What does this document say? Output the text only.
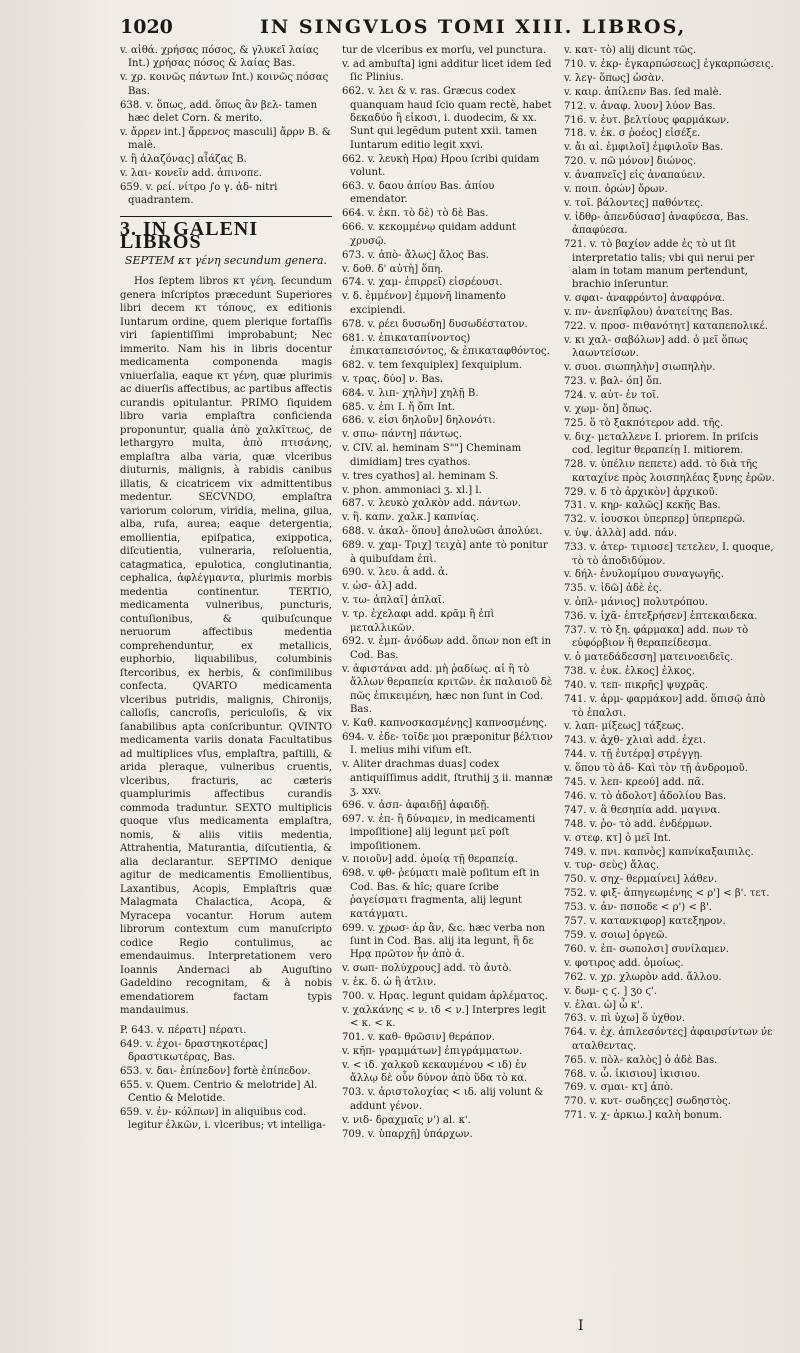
1020	IN SINGVLOS TOMI XIII. LIBROS,
v. αἰθά. χρήσας πόσος, & γλυκεῖ λαίας Int.) χρήσας πόσος & λαίας Bas.
v. χρ. κοινῶς πάντων Int.) κοινῶς πόσας Bas.
638. v. ὅπως, add. ὅπως ἂν βελ- tamen hæc delet Corn. & merito.
v. ἄρρεν int.] ἄρρενος masculi] ἄρρν B. & malè.
v. ἢ ἀλαζόνας] αἶάζας B.
v. λαι- κονεῖν add. ἀπινοπε.
659. v. ρεί. νίτρο ∫ο γ. ἀδ- nitri quadrantem.
3. IN GALENI LIBROS
SEPTEM κτ γένη secundum genera.

Hos ſeptem libros κτ γένη. ſecundum genera inſcriptos præcedunt Superiores libri decem κτ τόπους, ex editionis Iuntarum ordine, quem plerique fortaſſis viri ſapientiſſimi improbabunt; Nec immerito. Nam his in libris docentur medicamenta componenda magis vniuerſalia, eaque κτ γένη, quæ plurimis ac diuerſis affectibus, ac partibus affectis curandis opitulantur. PRIMO ſiquidem libro varia emplaſtra conficienda proponuntur, qualia ἀπὸ χαλκῖτεως, de lethargyro multa, ἀπὸ πτισάνης, emplaſtra alba varia, quæ vlceribus diuturnis, malignis, à rabidis canibus illatis, & cicatricem vix admittentibus medentur. SECVNDO, emplaſtra variorum colorum, viridia, melina, gilua, alba, rufa, aurea; eaque detergentia, emollientia, epiſpatica, exippotica, diſcutientia, vulneraria, reſoluentia, catagmatica, epulotica, conglutinantia, cephalica, ἀφλέγμαντα, plurimis morbis medentia continentur. TERTIO, medicamenta vulneribus, puncturis, contuſionibus, & quibuſcunque neruorum affectibus medentia comprehenduntur, ex metallicis, euphorbio, liquabilibus, columbinis ſtercoribus, ex herbis, & conſimilibus confecta. QVARTO medicamenta vlceribus putridis, malignis, Chironijs, calloſis, cancroſis, periculoſis, & vix ſanabilibus apta conſcribuntur. QVINTO medicamenta variis donata Facultatibus ad multiplices vſus, emplaſtra, paſtilli, & arida pleraque, vulneribus cruentis, vlceribus, fracturis, ac cæteris quamplurimis affectibus curandis commoda traduntur. SEXTO multiplicis quoque vſus medicamenta emplaſtra, nomis, & aliis vitiis medentia, Attrahentia, Maturantia, diſcutientia, & alia declarantur. SEPTIMO denique agitur de medicamentis Emollientibus, Laxantibus, Acopis, Emplaſtris quæ Malagmata Chalactica, Acopa, & Myracepa vocantur. Horum autem librorum contextum cum manuſcripto codice Regio contulimus, ac emendauimus. Interpretationem vero Ioannis Andernaci ab Auguſtino Gadeldino recognitam, & à nobis emendatiorem factam typis mandauimus.

P. 643. v. πέρατι] πέρατι.
649. v. ἐχοι- δραστηκοτέρας] δραστικωτέρας, Bas.
653. v. δαι- ἐπίπεδον] fortè ἐπίπεδον.
655. v. Quem. Centrio & melotride] Al. Centio & Melotide.
659. v. ἐν- κόλπων] in aliquibus cod. legitur ἐλκῶν, i. vlceribus; vt intelliga-
tur de vlceribus ex morſu, vel punctura.
v. ad ambuſta] igni additur licet idem ſed ſic Plinius.
662. v. λει & v. ras. Græcus codex quanquam haud ſcio quam rectè, habet δεκαδύο ἢ εἰκοσι, i. duodecim, & xx. Sunt qui legẽdum putent xxii. tamen Iuntarum editio legit xxvi.
662. v. λευκὴ Ηρα) Ηρου ſcribi quidam volunt.
663. v. δαου ἀπίου Bas. ἀπίου emendator.
664. v. ἐκπ. τὸ δὲ) τὸ δὲ Bas.
666. v. κεκομμένῳ quidam addunt χρυσῷ.
673. v. ἀπὸ- ἄλως] ἄλος Bas.
v. δοθ. δ' αὐτὴ] ὅπη.
674. v. χαμ- ἐπιρρεῖ) εἰσρέουσι.
v. δ. ἐμμένον] ἐμμονῆ linamento excipiendi.
678. v. ρέει δυσωδη] δυσωδέστατον.
681. v. ἐπικαταπίνοντος) ἐπικαταπεισόντος, & ἐπικαταφθόντος.
682. v. tem ſexquiplex] ſexquiplum.
v. τρας. δύο] ν. Bas.
684. v. λιπ- χηλὴν] χηλῇ B.
685. v. ἐπι I. ἤ ὄπι Int.
686. v. εἰσι δηλοῦν] δηλονότι.
v. σπω- πάντη] πάντως.
v. CIV. al. heminam S""] Cheminam dimidiam] tres cyathos.
v. tres cyathos] al. heminam S.
v. phon. ammoniaci ʒ. xl.] l.
687. v. λευκὸ χαλκὸν add. πάντων.
v. ἢ. καπν. χαλκ.] καπνίας.
688. v. ἀκαλ- ὅπου] ἀπολυῶσι ἀπολύει.
689. v. χαμ- Τριχ] τειχὰ] ante τὸ ponitur à quibuſdam ἐπὶ.
690. v. λευ. ἀ add. ἀ.
v. ὡσ- ἀλ] add.
v. τω- ἀπλαῖ] ἀπλαῖ.
v. τρ. ἐχελαφι add. κρᾶμ ἢ ἐπὶ μεταλλικῶν.
692. v. ἐμπ- ἀνόδων add. ὅπων non eſt in Cod. Bas.
v. ἀφιστάναι add. μὴ ῥαδίως. αἱ ἢ τὸ ἄλλων θεραπεία κριτῶν. ἐκ παλαιοῦ δὲ πῶς ἐπικειμένη, hæc non ſunt in Cod. Bas.
v. Καθ. καπνοσκασμένῃς] καπνοσμένης.
694. v. ἐδε- τοῖδε μοι præponitur βέλτιον I. melius mihi viſum eſt.
v. Aliter drachmas duas] codex antiquiſſimus addit, ſtruthij ʒ ii. mannæ ʒ. xxv.
696. v. ἀσπ- ἀφαιδῇ] ἀφαιδῇ.
697. v. ἐπ- ἢ δύναμεν, in medicamenti impoſitione] alij legunt μεῖ poſt impoſitionem.
v. ποιοῦν] add. ὁμοίᾳ τῇ θεραπείᾳ.
698. v. φθ- ῥεύματι malè poſitum eſt in Cod. Bas. & hîc; quare ſcribe ῥαγείσματι fragmenta, alij legunt κατάγματι.
699. v. χρωσ- ἀρ ἂν, &c. hæc verba non ſunt in Cod. Bas. alij ita legunt, ἢ δε Ηρᾳ πρῶτον ἦν ἀπὸ ἀ.
v. σωπ- πολύχρους] add. τὸ ἀυτὸ.
v. ἐκ. δ. ὡ ἢ ἀτλιν.
700. v. Ηρας. legunt quidam ἀρλέματος.
v. χαλκάνης < ν. ιδ < ν.] Interpres legit < κ. < κ.
701. v. καθ- θρῶσιν] θεράπον.
v. κῆπ- γραμμάτων] ἐπιγράμματων.
v. < ιδ. χαλκοῦ κεκαυμένου < ιδ) ἐν ἄλλῳ δὲ οὖν δύνον ἀπὸ ὕδα τὸ κα.
703. v. ἀριστολοχίας < ιδ. alij volunt & addunt γένον.
v. νιδ- δραχμαῖς ν') al. κ'.
709. v. ὑπαρχῇ] ὑπάρχων.
v. κατ- τὸ) alij dicunt τῶς.
710. v. ἐκρ- ἐγκαρπώσεως] ἐγκαρπώσεις.
v. λεγ- ὅπως] ὡσὰν.
v. καιρ. ἀπίλεπν Bas. ſed malè.
712. v. ἀναφ. λυον] λύον Bas.
716. v. ἐυτ. βελτίους φαρμάκων.
718. v. ἐκ. σ ῥοέος] εἰσέξε.
v. ἄι αἰ. ἐμφιλοῖ] ἐμφιλοῖν Bas.
720. v. πῶ μόνον] διώνος.
v. ἀναπνεῖς] εἰς ἀναπαύειν.
v. ποιπ. ὀρών] ὄρων.
v. τοῖ. βάλοντες] παθόντες.
v. ἰδθρ- ἀπενδύσασ] ἀναφύεσα, Bas. ἀπαφύεσα.
721. v. τὸ βαχίον adde ἐς τὸ ut ſit interpretatio talis; vbi qui nerui per alam in totam manum pertendunt, brachio inſeruntur.
v. σφαι- ἀναφρόντο] ἀναφρόνα.
v. πν- ἀνεπῖφλου) ἀνατείτης Bas.
722. v. προσ- πιθανότητ] καταπεπολικέ.
v. κι χαλ- σαβόλων] add. ὁ μεῖ ὅπως λαωντείσων.
v. συοι. σιωπηλὴν] σιωπηλὴν.
723. v. βαλ- όπ] ὄπ.
724. v. αὐτ- ἐν τοῖ.
v. χωμ- ὅπ] ὅπως.
725. ὅ τὸ ξακπότερον add. τῆς.
v. διχ- μεταλλενε I. priorem. In priſcis cod. legitur θεραπείῃ I. mitiorem.
728. v. ὑπέλιν πεπετε) add. τὸ διὰ τῆς καταχίνε πρὸς λοισπηλέας ξυνης ἐρῶν.
729. v. δ τὸ ἀρχικὸν] ἀρχικοῦ.
731. v. κηρ- καλῶς] κεκῆς Bas.
732. v. ἰουσκοι ὑπερπερ] ὑπερπερῶ.
v. ὑψ. ἀλλὰ] add. πάν.
733. v. ἀτερ- τιμιοσε] τετελεν, I. quoque, τὸ τὸ ἀποδιδύμον.
v. δήλ- ἐνυλομίμου συναγωγῆς.
735. v. ἰδῶ] ἀδὲ ἐς.
v. ὁπλ- μάνιος] πολυτρόπου.
736. v. ἰχᾶ- ἑπτεξρήσεν] ἑπτεκαιδεκα.
737. v. τὸ ξη. φάρμακα] add. πων τὸ εὐφόρβιον ἢ θεραπείδεσμα.
v. ὁ ματεδάδεσση] ματεινοειδεῖς.
738. v. ἐυκ. ἑλκος] ἑλκος.
740. v. τεπ- πικρῆς] ψυχρᾶς.
741. v. ἀρμ- φαρμάκον] add. ὅπισῷ ἀπὸ τὸ ἐπαλσι.
v. λαπ- μίξεως] τάξεως.
743. v. ἀχθ- χλιαὶ add. ἐχει.
744. v. τῇ ἑυτέρᾳ] στρέγγῃ.
v. ὅπου τὸ ἀδ- Καὶ τὸν τῇ ἀνδρομοῦ.
745. v. λεπ- κρεού] add. πᾶ.
746. v. τὸ ἀδολοτ] ἀδολίου Bas.
747. v. ἃ θεσηπία add. μαγινα.
748. v. ῥο- τὸ add. ἐνδέρμων.
v. στεφ. κτ] ὁ μεῖ Int.
749. v. πνι. καπνὸς] καπνίκαξαιπιλς.
v. τυρ- σεὺς) ἄλας.
750. v. σηχ- θερμαίνει] λάθεν.
752. v. φιξ- ἀπηγεωμένης < ρ'] < β'. τετ.
753. v. ἀν- πσποδε < ρ') < β'.
757. v. κατανκιφορ] κατεξηρον.
759. v. σοιω] ὀργεῶ.
760. v. ἐπ- σωπολσι] συνίλαμεν.
v. φοτιρος add. ὁμοίως.
762. v. χρ. χλωρὸν add. ἄλλου.
v. δωμ- ς ϛ. ] ʒο ϛ'.
v. ἐλαι. ὡ] ὦ κ'.
763. v. πὶ ὑχω] ὅ ὑχθον.
764. v. ἐχ. ἀπιλεσόντες] ἀφαιρσίντων ν̓ε αταλθεντας.
765. v. πὸλ- καλὸς] ὁ ἀδὲ Bas.
768. v. ὦ. ἰκισιου] ἰκισιου.
769. v. σμαι- κτ] ἀπὸ.
770. v. κυτ- σωδηϛες] σωδηστὸς.
771. v. χ- ἀρκιω.] καλὴ bonum.
I
